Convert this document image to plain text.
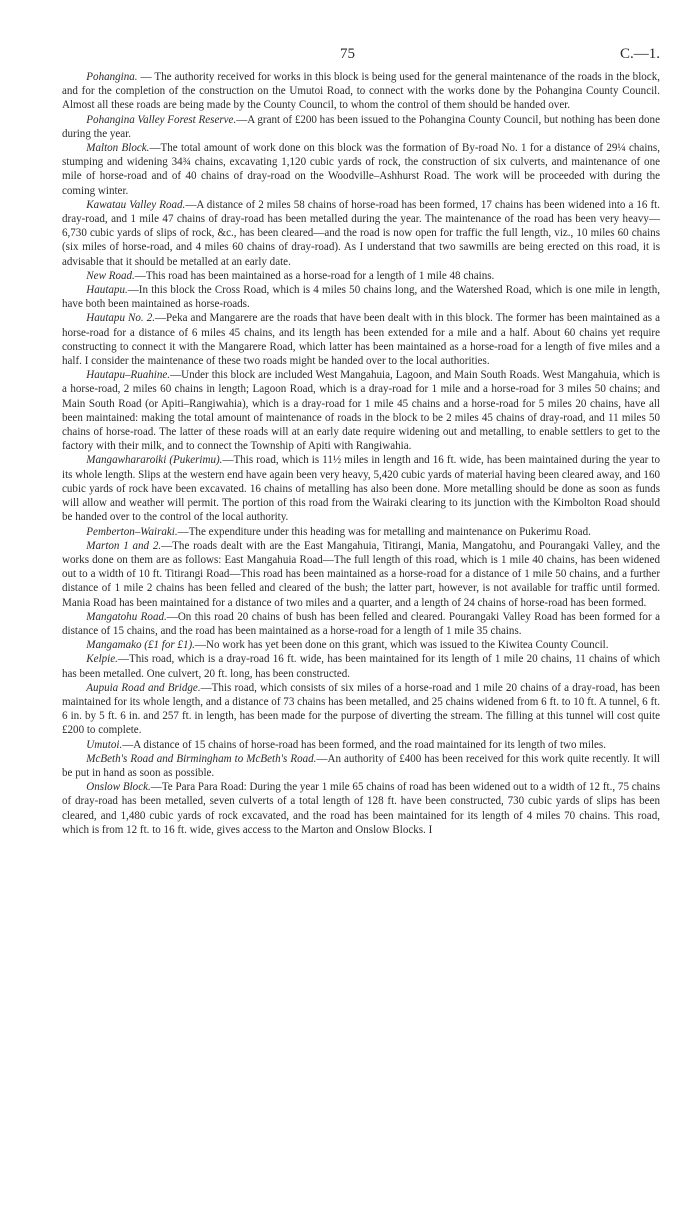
75	C.—1.

Pohangina. — The authority received for works in this block is being used for the general maintenance of the roads in the block, and for the completion of the construction on the Umutoi Road, to connect with the works done by the Pohangina County Council. Almost all these roads are being made by the County Council, to whom the control of them should be handed over.

Pohangina Valley Forest Reserve.—A grant of £200 has been issued to the Pohangina County Council, but nothing has been done during the year.

Malton Block.—The total amount of work done on this block was the formation of By-road No. 1 for a distance of 29¼ chains, stumping and widening 34¾ chains, excavating 1,120 cubic yards of rock, the construction of six culverts, and maintenance of one mile of horse-road and of 40 chains of dray-road on the Woodville–Ashhurst Road. The work will be proceeded with during the coming winter.

Kawatau Valley Road.—A distance of 2 miles 58 chains of horse-road has been formed, 17 chains has been widened into a 16 ft. dray-road, and 1 mile 47 chains of dray-road has been metalled during the year. The maintenance of the road has been very heavy—6,730 cubic yards of slips of rock, &c., has been cleared—and the road is now open for traffic the full length, viz., 10 miles 60 chains (six miles of horse-road, and 4 miles 60 chains of dray-road). As I understand that two sawmills are being erected on this road, it is advisable that it should be metalled at an early date.

New Road.—This road has been maintained as a horse-road for a length of 1 mile 48 chains.

Hautapu.—In this block the Cross Road, which is 4 miles 50 chains long, and the Watershed Road, which is one mile in length, have both been maintained as horse-roads.

Hautapu No. 2.—Peka and Mangarere are the roads that have been dealt with in this block. The former has been maintained as a horse-road for a distance of 6 miles 45 chains, and its length has been extended for a mile and a half. About 60 chains yet require constructing to connect it with the Mangarere Road, which latter has been maintained as a horse-road for a length of five miles and a half. I consider the maintenance of these two roads might be handed over to the local authorities.

Hautapu–Ruahine.—Under this block are included West Mangahuia, Lagoon, and Main South Roads. West Mangahuia, which is a horse-road, 2 miles 60 chains in length; Lagoon Road, which is a dray-road for 1 mile and a horse-road for 3 miles 50 chains; and Main South Road (or Apiti–Rangiwahia), which is a dray-road for 1 mile 45 chains and a horse-road for 5 miles 20 chains, have all been maintained: making the total amount of maintenance of roads in the block to be 2 miles 45 chains of dray-road, and 11 miles 50 chains of horse-road. The latter of these roads will at an early date require widening out and metalling, to enable settlers to get to the factory with their milk, and to connect the Township of Apiti with Rangiwahia.

Mangawhararoiki (Pukerimu).—This road, which is 11½ miles in length and 16 ft. wide, has been maintained during the year to its whole length. Slips at the western end have again been very heavy, 5,420 cubic yards of material having been cleared away, and 160 cubic yards of rock have been excavated. 16 chains of metalling has also been done. More metalling should be done as soon as funds will allow and weather will permit. The portion of this road from the Wairaki clearing to its junction with the Kimbolton Road should be handed over to the control of the local authority.

Pemberton–Wairaki.—The expenditure under this heading was for metalling and maintenance on Pukerimu Road.

Marton 1 and 2.—The roads dealt with are the East Mangahuia, Titirangi, Mania, Mangatohu, and Pourangaki Valley, and the works done on them are as follows: East Mangahuia Road—The full length of this road, which is 1 mile 40 chains, has been widened out to a width of 10 ft. Titirangi Road—This road has been maintained as a horse-road for a distance of 1 mile 50 chains, and a further distance of 1 mile 2 chains has been felled and cleared of the bush; the latter part, however, is not available for traffic until formed. Mania Road has been maintained for a distance of two miles and a quarter, and a length of 24 chains of horse-road has been formed.

Mangatohu Road.—On this road 20 chains of bush has been felled and cleared. Pourangaki Valley Road has been formed for a distance of 15 chains, and the road has been maintained as a horse-road for a length of 1 mile 35 chains.

Mangamako (£1 for £1).—No work has yet been done on this grant, which was issued to the Kiwitea County Council.

Kelpie.—This road, which is a dray-road 16 ft. wide, has been maintained for its length of 1 mile 20 chains, 11 chains of which has been metalled. One culvert, 20 ft. long, has been constructed.

Aupuia Road and Bridge.—This road, which consists of six miles of a horse-road and 1 mile 20 chains of a dray-road, has been maintained for its whole length, and a distance of 73 chains has been metalled, and 25 chains widened from 6 ft. to 10 ft. A tunnel, 6 ft. 6 in. by 5 ft. 6 in. and 257 ft. in length, has been made for the purpose of diverting the stream. The filling at this tunnel will cost quite £200 to complete.

Umutoi.—A distance of 15 chains of horse-road has been formed, and the road maintained for its length of two miles.

McBeth's Road and Birmingham to McBeth's Road.—An authority of £400 has been received for this work quite recently. It will be put in hand as soon as possible.

Onslow Block.—Te Para Para Road: During the year 1 mile 65 chains of road has been widened out to a width of 12 ft., 75 chains of dray-road has been metalled, seven culverts of a total length of 128 ft. have been constructed, 730 cubic yards of slips has been cleared, and 1,480 cubic yards of rock excavated, and the road has been maintained for its length of 4 miles 70 chains. This road, which is from 12 ft. to 16 ft. wide, gives access to the Marton and Onslow Blocks. I
